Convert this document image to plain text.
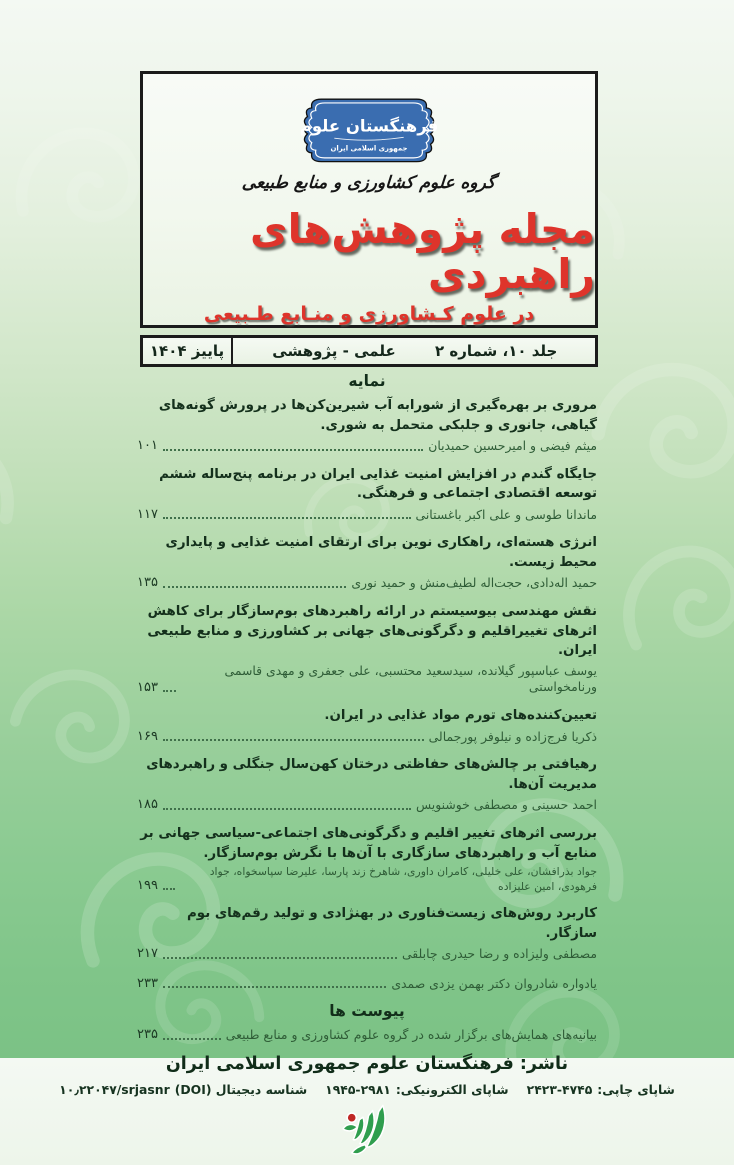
فرهنگستان علوم
جمهوری اسلامی ایران
گروه علوم کشاورزی و منابع طبیعی
مجله پژوهش‌های راهبردی
در علوم کـشاورزی و منـابع طـبیعی
پاییز ۱۴۰۴	علمی - پژوهشی	جلد ۱۰، شماره ۲
نمایه
مروری بر بهره‌گیری از شورابه آب شیرین‌کن‌ها در پرورش گونه‌های گیاهی، جانوری و جلبکی متحمل به شوری.
میثم فیضی و امیرحسین حمیدیان
۱۰۱
جایگاه گندم در افزایش امنیت غذایی ایران در برنامه پنج‌ساله ششم توسعه اقتصادی اجتماعی و فرهنگی.
ماندانا طوسی و علی اکبر باغستانی
۱۱۷
انرژی هسته‌ای، راهکاری نوین برای ارتقای امنیت غذایی و پایداری محیط زیست.
حمید اله‌دادی، حجت‌اله لطیف‌منش و حمید نوری
۱۳۵
نقش مهندسی بیوسیستم در ارائه راهبردهای بوم‌سازگار برای کاهش اثرهای تغییراقلیم و دگرگونی‌های جهانی بر کشاورزی و منابع طبیعی ایران.
یوسف عباسپور گیلانده، سیدسعید محتسبی، علی جعفری و مهدی قاسمی ورنامخواستی
۱۵۳
تعیین‌کننده‌های تورم مواد غذایی در ایران.
ذکریا فرج‌زاده و نیلوفر پورجمالی
۱۶۹
رهیافتی بر چالش‌های حفاظتی درختان کهن‌سال جنگلی و راهبردهای مدیریت آن‌ها.
احمد حسینی و مصطفی خوشنویس
۱۸۵
بررسی اثرهای تغییر اقلیم و دگرگونی‌های اجتماعی-سیاسی جهانی بر منابع آب و راهبردهای سازگاری با آن‌ها با نگرش بوم‌سازگار.
جواد بذرافشان، علی خلیلی، کامران داوری، شاهرخ زند پارسا، علیرضا سپاسخواه، جواد فرهودی، امین علیزاده
۱۹۹
کاربرد روش‌های زیست‌فناوری در بهنژادی و تولید رقم‌های بوم سازگار.
مصطفی ولیزاده و رضا حیدری چابلقی
۲۱۷
یادواره شادروان دکتر بهمن یزدی صمدی
۲۳۳
پیوست ها
بیانیه‌های همایش‌های برگزار شده در گروه علوم کشاورزی و منابع طبیعی
۲۳۵
ناشر: فرهنگستان علوم جمهوری اسلامی ایران
شاپای چاپی:
۲۴۲۳-۴۷۴۵
شاپای الکترونیکی:
۱۹۴۵-۲۹۸۱
شناسه دیجیتال (DOI)
۱۰٫۲۲۰۴۷/srjasnr
